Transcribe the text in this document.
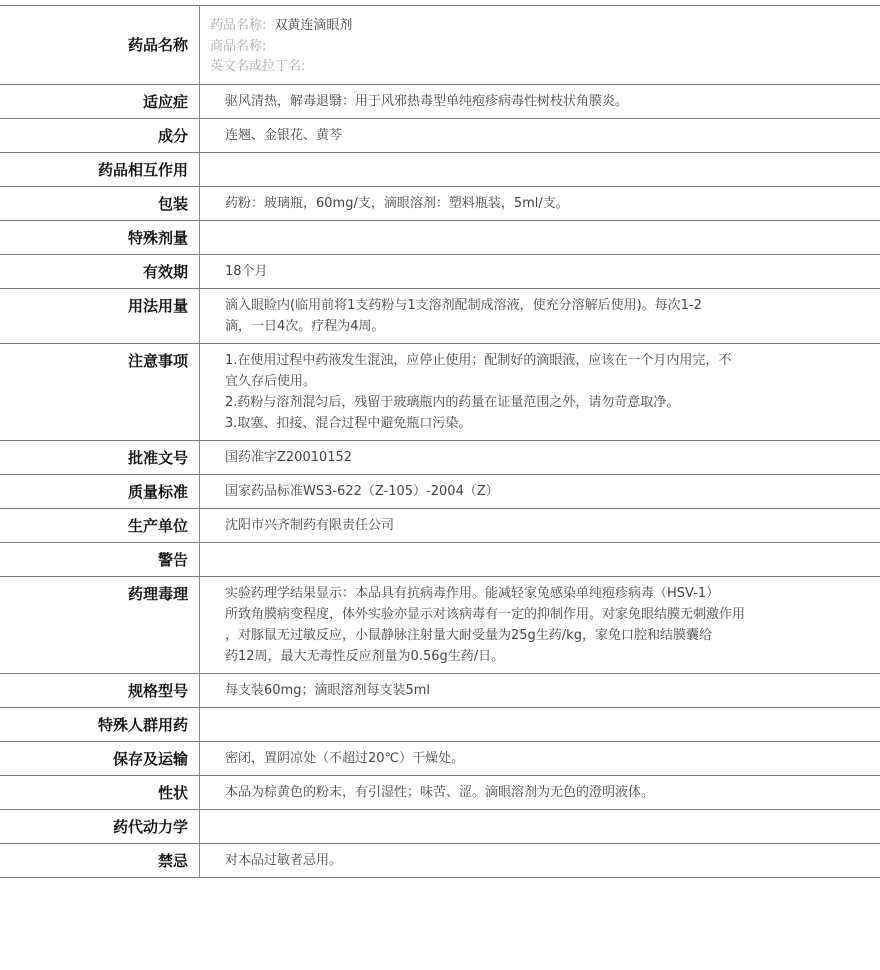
药品名称
药品名称: 双黄连滴眼剂
商品名称:
英文名或拉丁名:
适应症	驱风清热，解毒退翳：用于风邪热毒型单纯疱疹病毒性树枝状角膜炎。
成分	连翘、金银花、黄芩
药品相互作用
包装	药粉：玻璃瓶，60mg/支，滴眼溶剂：塑料瓶装，5ml/支。
特殊剂量
有效期	18个月
用法用量	滴入眼睑内(临用前将1支药粉与1支溶剂配制成溶液，使充分溶解后使用)。每次1-2
滴，一日4次。疗程为4周。
注意事项	1.在使用过程中药液发生混浊，应停止使用；配制好的滴眼液，应该在一个月内用完，不
宜久存后使用。
2.药粉与溶剂混匀后，残留于玻璃瓶内的药量在证量范围之外，请勿苛意取净。
3.取塞、扣接、混合过程中避免瓶口污染。
批准文号	国药准字Z20010152
质量标准	国家药品标准WS3-622（Z-105）-2004（Z）
生产单位	沈阳市兴齐制药有限责任公司
警告
药理毒理	实验药理学结果显示：本品具有抗病毒作用。能减轻家兔感染单纯疱疹病毒（HSV-1）
所致角膜病变程度，体外实验亦显示对该病毒有一定的抑制作用。对家兔眼结膜无刺激作用
，对豚鼠无过敏反应，小鼠静脉注射量大耐受量为25g生药/kg，家兔口腔和结膜囊给
药12周，最大无毒性反应剂量为0.56g生药/日。
规格型号	每支装60mg；滴眼溶剂每支装5ml
特殊人群用药
保存及运输	密闭，置阴凉处（不超过20℃）干燥处。
性状	本品为棕黄色的粉末，有引湿性；味苦、涩。滴眼溶剂为无色的澄明液体。
药代动力学
禁忌	对本品过敏者忌用。
